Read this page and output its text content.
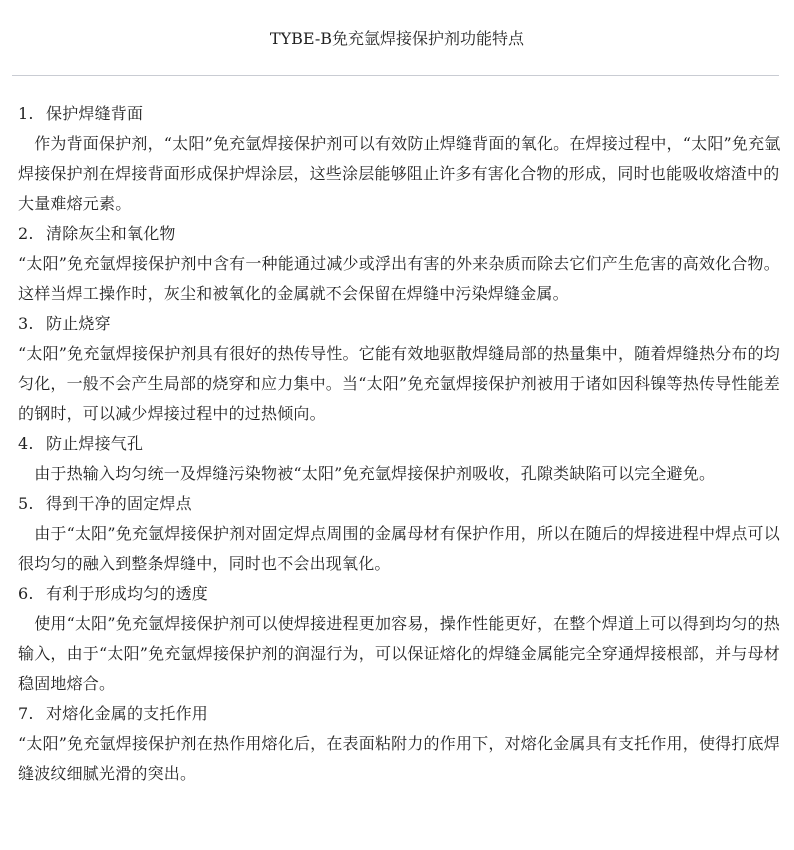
TYBE-B免充氩焊接保护剂功能特点

1. 保护焊缝背面

　作为背面保护剂，“太阳”免充氩焊接保护剂可以有效防止焊缝背面的氧化。在焊接过程中，“太阳”免充氩焊接保护剂在焊接背面形成保护焊涂层，这些涂层能够阻止许多有害化合物的形成，同时也能吸收熔渣中的大量难熔元素。

2. 清除灰尘和氧化物

“太阳”免充氩焊接保护剂中含有一种能通过减少或浮出有害的外来杂质而除去它们产生危害的高效化合物。这样当焊工操作时，灰尘和被氧化的金属就不会保留在焊缝中污染焊缝金属。

3. 防止烧穿

“太阳”免充氩焊接保护剂具有很好的热传导性。它能有效地驱散焊缝局部的热量集中，随着焊缝热分布的均匀化，一般不会产生局部的烧穿和应力集中。当“太阳”免充氩焊接保护剂被用于诸如因科镍等热传导性能差的钢时，可以减少焊接过程中的过热倾向。

4. 防止焊接气孔

　由于热输入均匀统一及焊缝污染物被“太阳”免充氩焊接保护剂吸收，孔隙类缺陷可以完全避免。

5. 得到干净的固定焊点

　由于“太阳”免充氩焊接保护剂对固定焊点周围的金属母材有保护作用，所以在随后的焊接进程中焊点可以很均匀的融入到整条焊缝中，同时也不会出现氧化。

6. 有利于形成均匀的透度

　使用“太阳”免充氩焊接保护剂可以使焊接进程更加容易，操作性能更好，在整个焊道上可以得到均匀的热输入，由于“太阳”免充氩焊接保护剂的润湿行为，可以保证熔化的焊缝金属能完全穿通焊接根部，并与母材稳固地熔合。

7. 对熔化金属的支托作用

“太阳”免充氩焊接保护剂在热作用熔化后，在表面粘附力的作用下，对熔化金属具有支托作用，使得打底焊缝波纹细腻光滑的突出。
